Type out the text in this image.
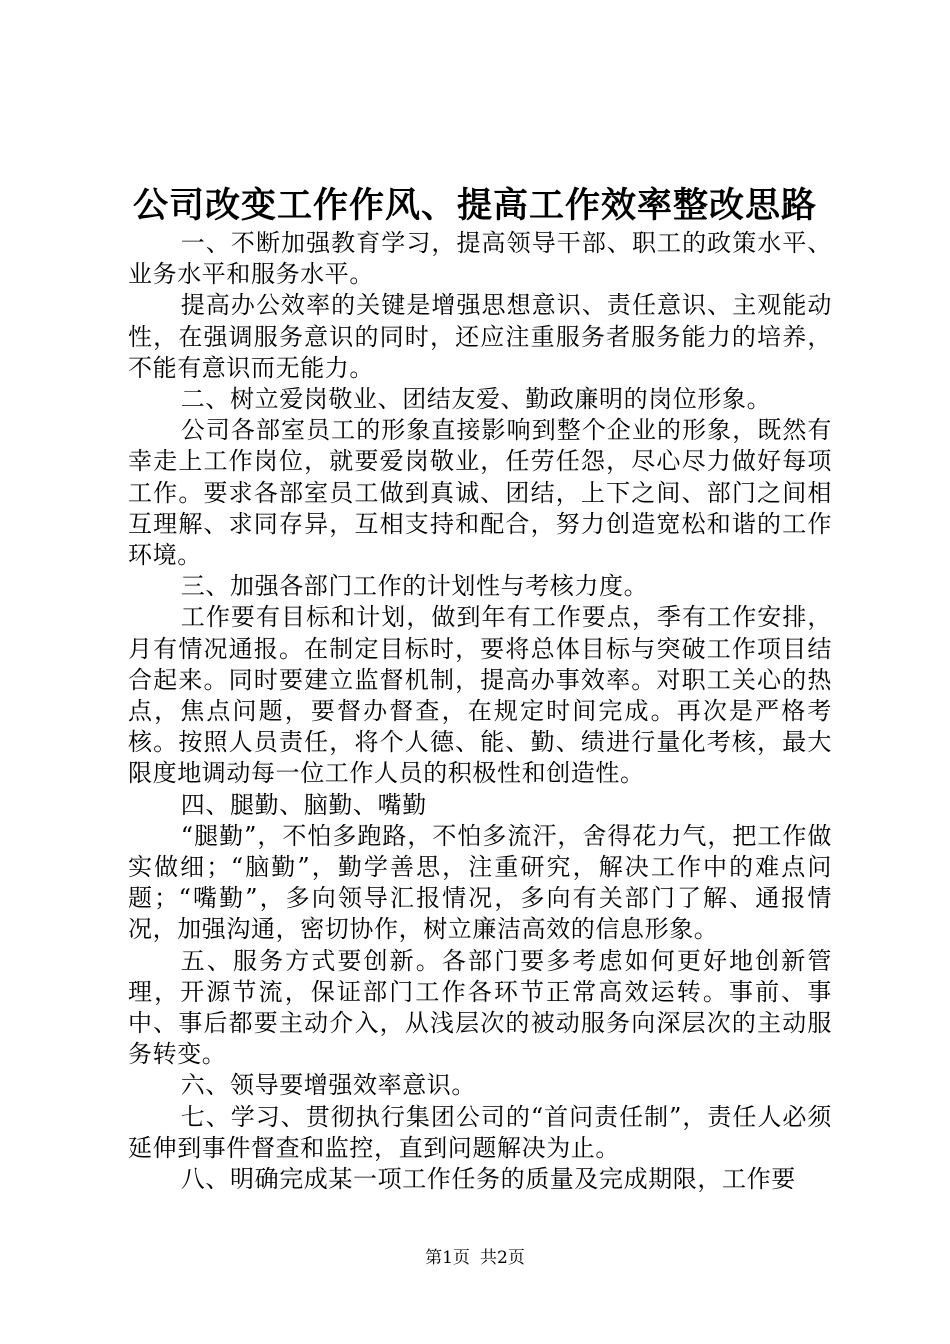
公司改变工作作风、提高工作效率整改思路

一、不断加强教育学习，提高领导干部、职工的政策水平、业务水平和服务水平。

提高办公效率的关键是增强思想意识、责任意识、主观能动性，在强调服务意识的同时，还应注重服务者服务能力的培养，不能有意识而无能力。

二、树立爱岗敬业、团结友爱、勤政廉明的岗位形象。

公司各部室员工的形象直接影响到整个企业的形象，既然有幸走上工作岗位，就要爱岗敬业，任劳任怨，尽心尽力做好每项工作。要求各部室员工做到真诚、团结，上下之间、部门之间相互理解、求同存异，互相支持和配合，努力创造宽松和谐的工作环境。

三、加强各部门工作的计划性与考核力度。

工作要有目标和计划，做到年有工作要点，季有工作安排，月有情况通报。在制定目标时，要将总体目标与突破工作项目结合起来。同时要建立监督机制，提高办事效率。对职工关心的热点，焦点问题，要督办督查，在规定时间完成。再次是严格考核。按照人员责任，将个人德、能、勤、绩进行量化考核，最大限度地调动每一位工作人员的积极性和创造性。

四、腿勤、脑勤、嘴勤

“腿勤”，不怕多跑路，不怕多流汗，舍得花力气，把工作做实做细；“脑勤”，勤学善思，注重研究，解决工作中的难点问题；“嘴勤”，多向领导汇报情况，多向有关部门了解、通报情况，加强沟通，密切协作，树立廉洁高效的信息形象。

五、服务方式要创新。各部门要多考虑如何更好地创新管理，开源节流，保证部门工作各环节正常高效运转。事前、事中、事后都要主动介入，从浅层次的被动服务向深层次的主动服务转变。

六、领导要增强效率意识。

七、学习、贯彻执行集团公司的“首问责任制”，责任人必须延伸到事件督查和监控，直到问题解决为止。

八、明确完成某一项工作任务的质量及完成期限，工作要

第1页 共2页
